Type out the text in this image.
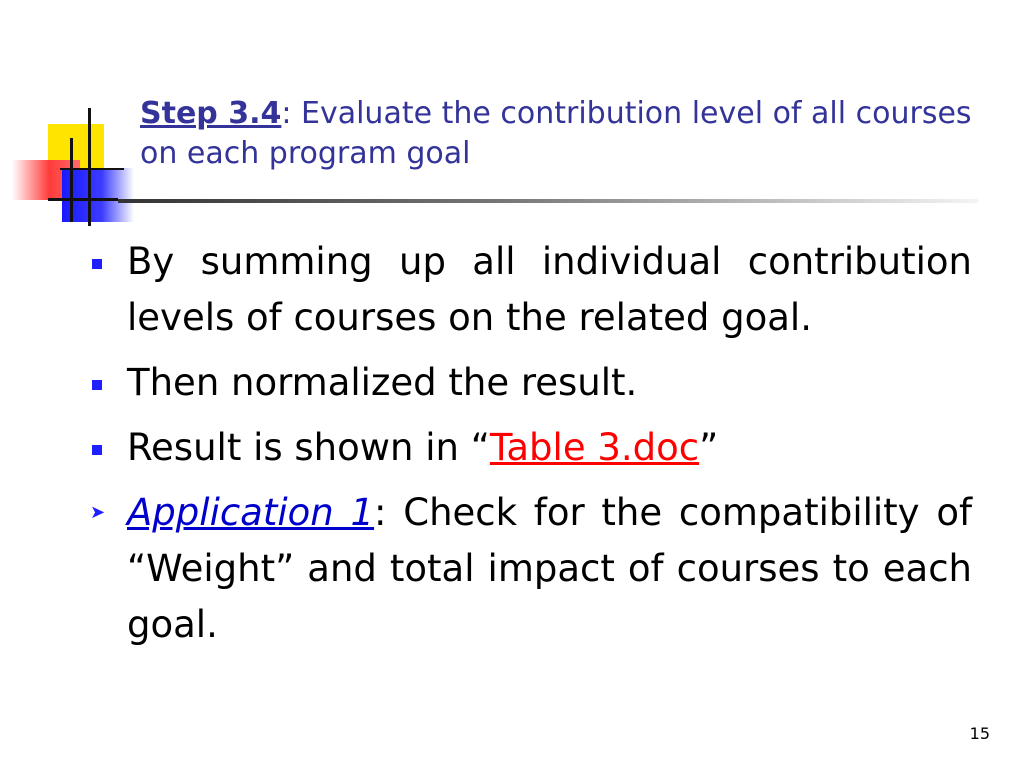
Step 3.4: Evaluate the contribution level of all courses on each program goal
By summing up all individual contribution levels of courses on the related goal.
Then normalized the result.
Result is shown in “Table 3.doc”
➤ Application 1: Check for the compatibility of “Weight” and total impact of courses to each goal.
15
